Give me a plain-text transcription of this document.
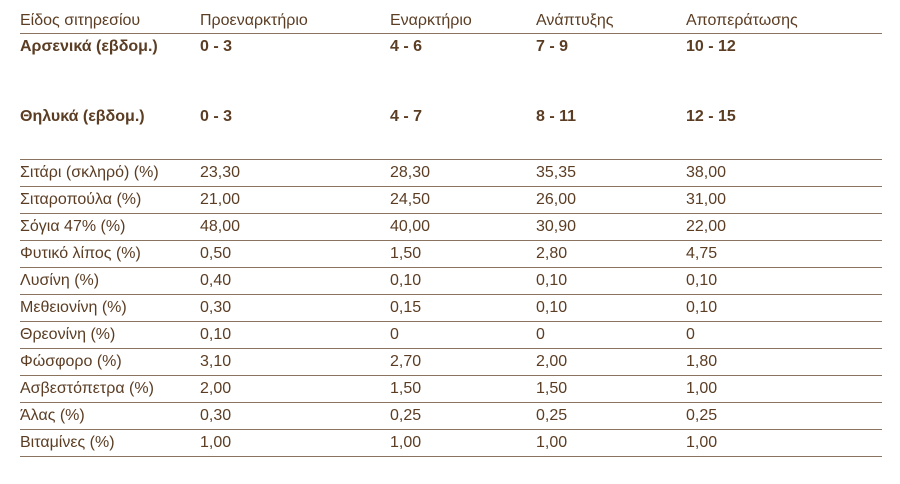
Είδος σιτηρεσίου	Προεναρκτήριο	Εναρκτήριο	Ανάπτυξης	Αποπεράτωσης
Αρσενικά (εβδομ.)	0 - 3	4 - 6	7 - 9	10 - 12
Θηλυκά (εβδομ.)	0 - 3	4 - 7	8 - 11	12 - 15
Σιτάρι (σκληρό) (%)	23,30	28,30	35,35	38,00
Σιταροπούλα (%)	21,00	24,50	26,00	31,00
Σόγια 47% (%)	48,00	40,00	30,90	22,00
Φυτικό λίπος (%)	0,50	1,50	2,80	4,75
Λυσίνη (%)	0,40	0,10	0,10	0,10
Μεθειονίνη (%)	0,30	0,15	0,10	0,10
Θρεονίνη (%)	0,10	0	0	0
Φώσφορο (%)	3,10	2,70	2,00	1,80
Ασβεστόπετρα (%)	2,00	1,50	1,50	1,00
Άλας (%)	0,30	0,25	0,25	0,25
Βιταμίνες (%)	1,00	1,00	1,00	1,00
